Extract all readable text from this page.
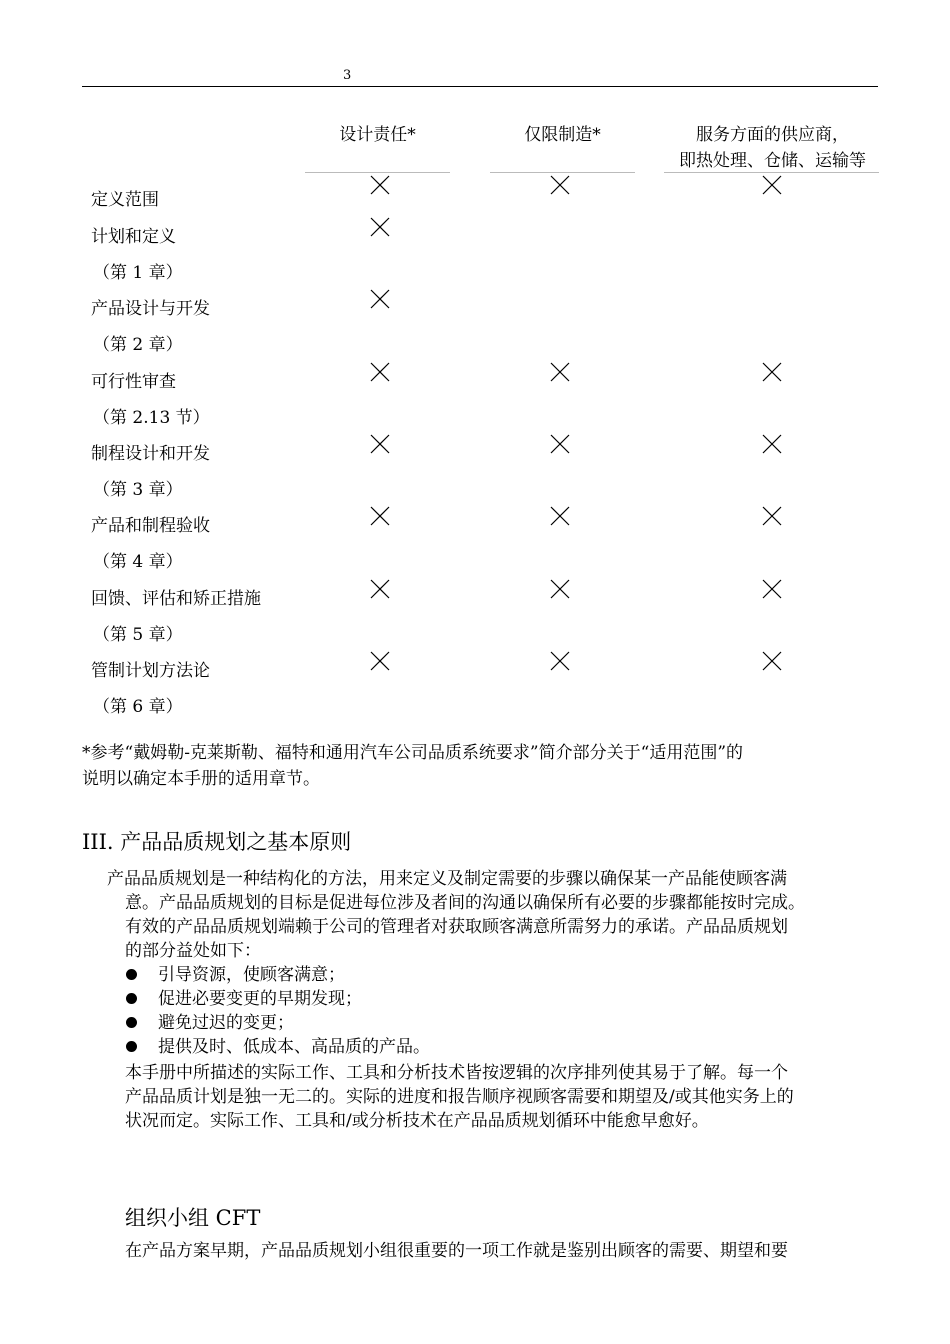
3
设计责任*	仅限制造*	服务方面的供应商，
即热处理、仓储、运输等
定义范围
计划和定义
（第 1 章）
产品设计与开发
（第 2 章）
可行性审查
（第 2.13 节）
制程设计和开发
（第 3 章）
产品和制程验收
（第 4 章）
回馈、评估和矫正措施
（第 5 章）
管制计划方法论
（第 6 章）
*参考“戴姆勒-克莱斯勒、福特和通用汽车公司品质系统要求”简介部分关于“适用范围”的
说明以确定本手册的适用章节。
III. 产品品质规划之基本原则
产品品质规划是一种结构化的方法，用来定义及制定需要的步骤以确保某一产品能使顾客满
意。产品品质规划的目标是促进每位涉及者间的沟通以确保所有必要的步骤都能按时完成。
有效的产品品质规划端赖于公司的管理者对获取顾客满意所需努力的承诺。产品品质规划
的部分益处如下：
引导资源，使顾客满意；
促进必要变更的早期发现；
避免过迟的变更；
提供及时、低成本、高品质的产品。
本手册中所描述的实际工作、工具和分析技术皆按逻辑的次序排列使其易于了解。每一个
产品品质计划是独一无二的。实际的进度和报告顺序视顾客需要和期望及/或其他实务上的
状况而定。实际工作、工具和/或分析技术在产品品质规划循环中能愈早愈好。
组织小组 CFT
在产品方案早期，产品品质规划小组很重要的一项工作就是鉴别出顾客的需要、期望和要
